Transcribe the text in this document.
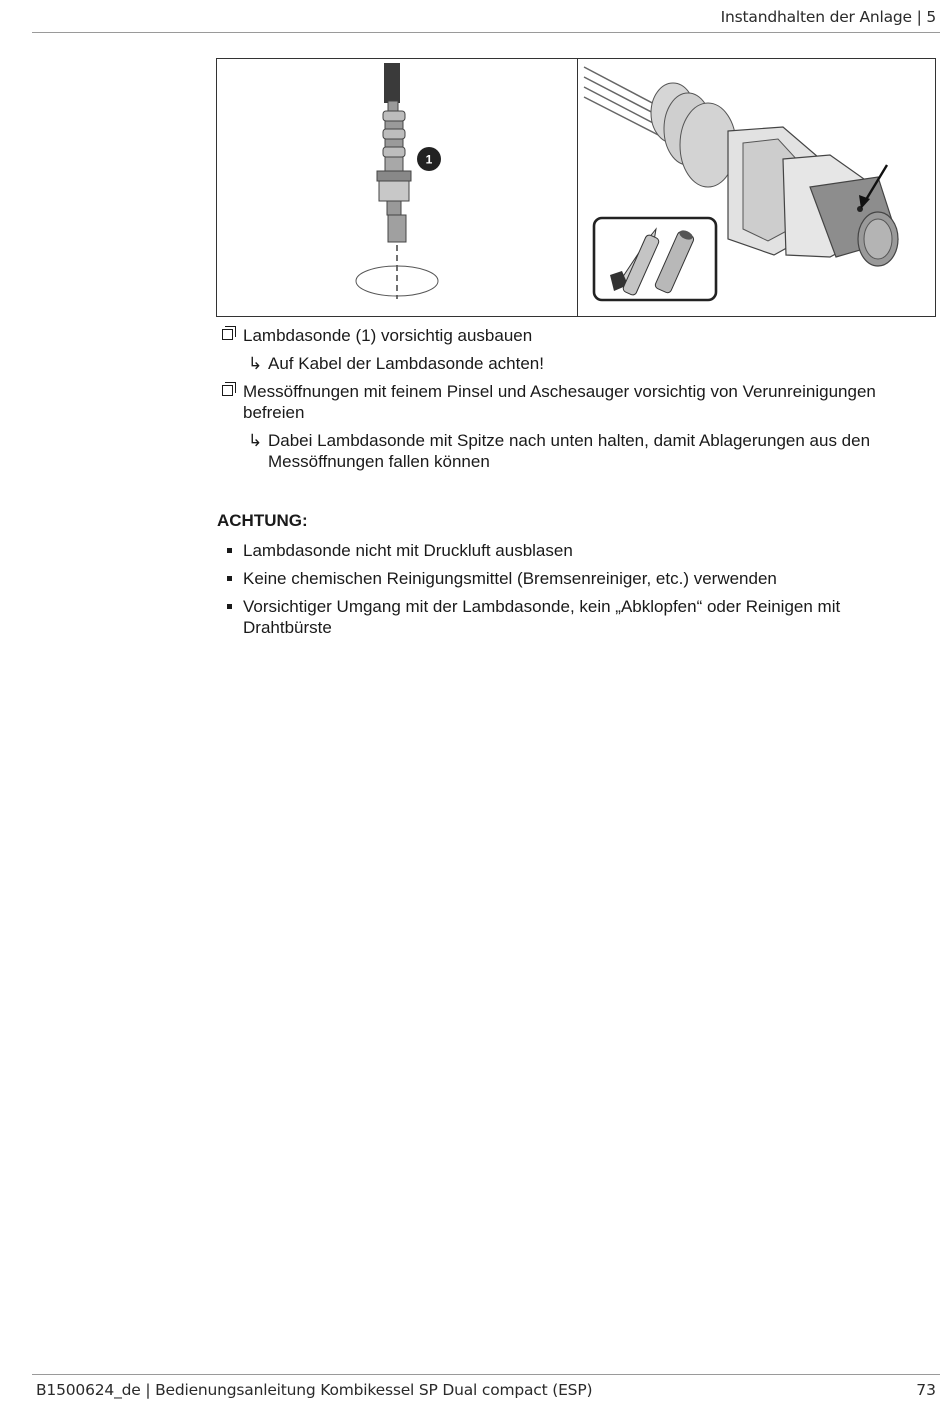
Instandhalten der Anlage | 5
1
Lambdasonde (1) vorsichtig ausbauen
↳ Auf Kabel der Lambdasonde achten!
Messöffnungen mit feinem Pinsel und Aschesauger vorsichtig von Verunreinigungen befreien
↳ Dabei Lambdasonde mit Spitze nach unten halten, damit Ablagerungen aus den Messöffnungen fallen können
ACHTUNG:
Lambdasonde nicht mit Druckluft ausblasen
Keine chemischen Reinigungsmittel (Bremsenreiniger, etc.) verwenden
Vorsichtiger Umgang mit der Lambdasonde, kein „Abklopfen“ oder Reinigen mit Drahtbürste
B1500624_de | Bedienungsanleitung Kombikessel SP Dual compact (ESP)	73
